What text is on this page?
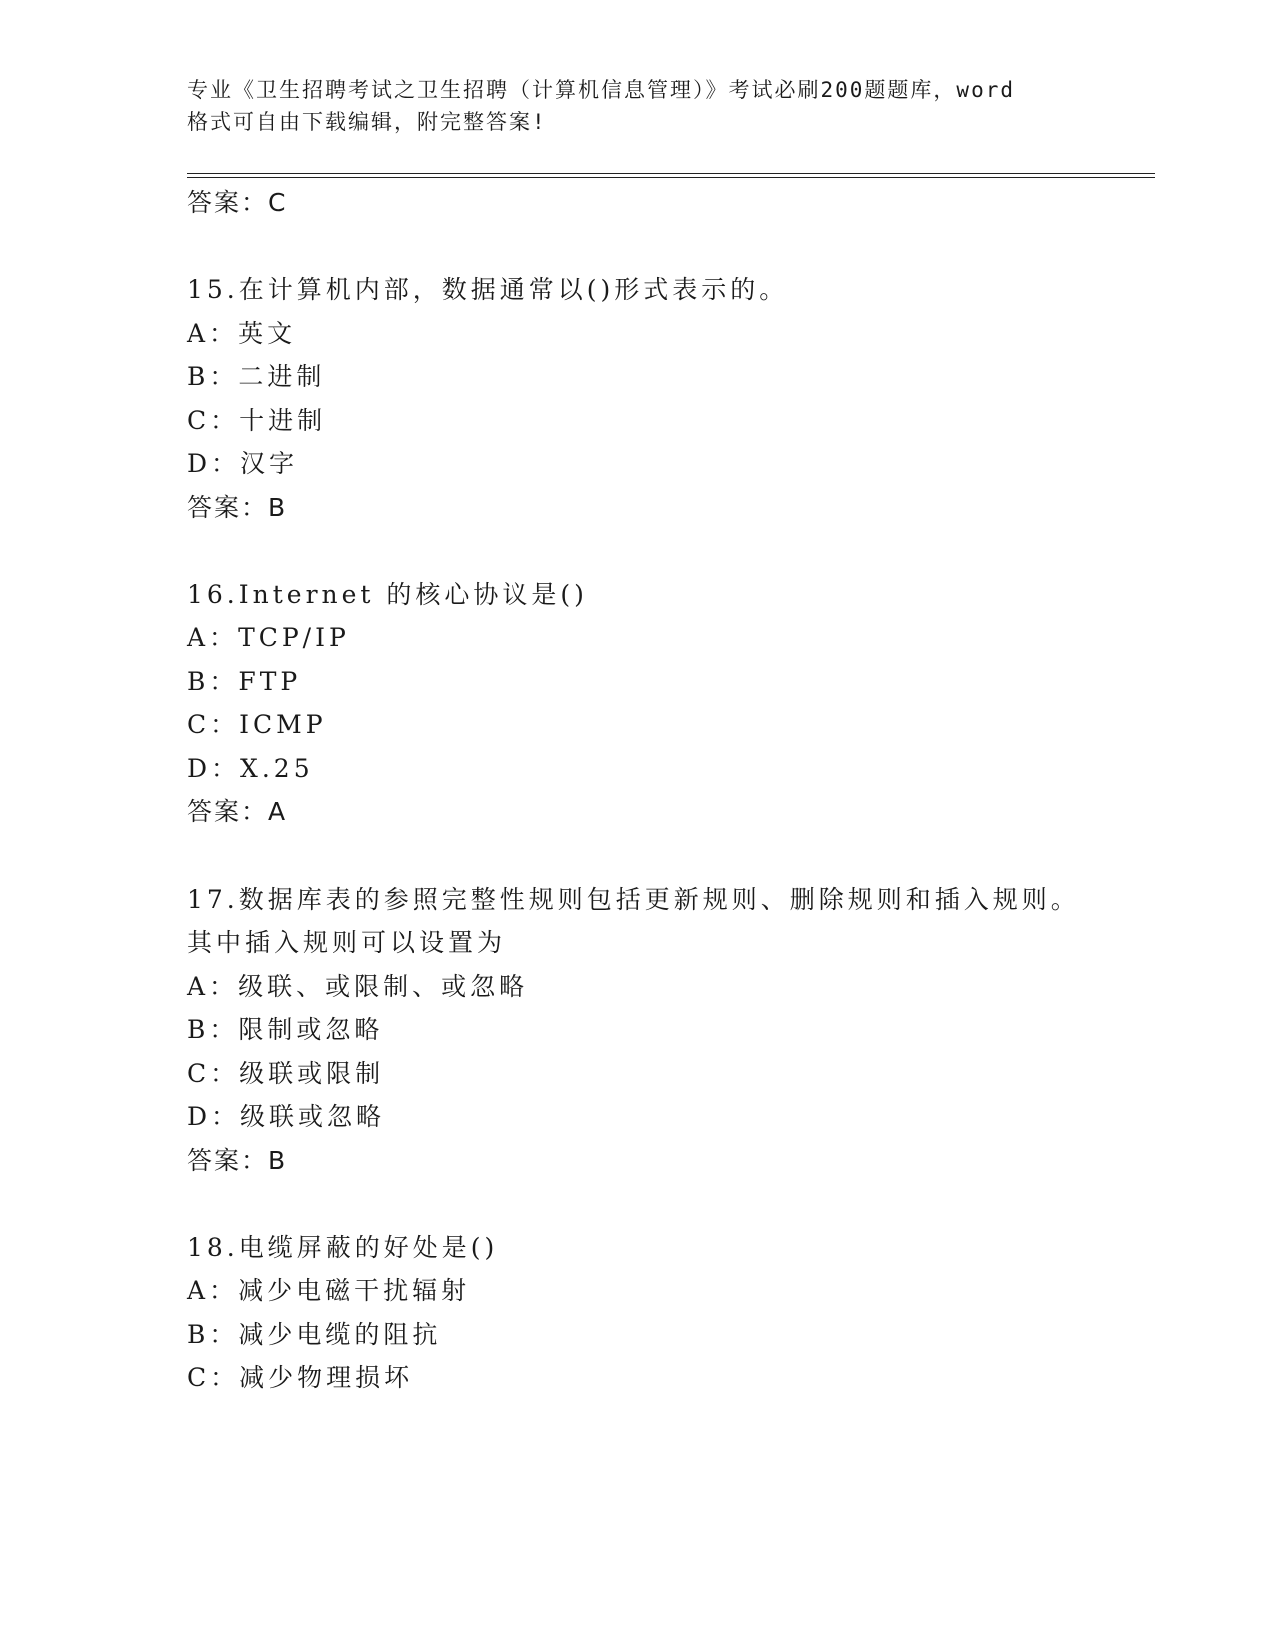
专业《卫生招聘考试之卫生招聘（计算机信息管理）》考试必刷200题题库，word
格式可自由下载编辑，附完整答案!
答案：C
15.在计算机内部，数据通常以()形式表示的。
A：英文
B：二进制
C：十进制
D：汉字
答案：B
16.Internet 的核心协议是()
A：TCP/IP
B：FTP
C：ICMP
D：X.25
答案：A
17.数据库表的参照完整性规则包括更新规则、删除规则和插入规则。
其中插入规则可以设置为
A：级联、或限制、或忽略
B：限制或忽略
C：级联或限制
D：级联或忽略
答案：B
18.电缆屏蔽的好处是()
A：减少电磁干扰辐射
B：减少电缆的阻抗
C：减少物理损坏
